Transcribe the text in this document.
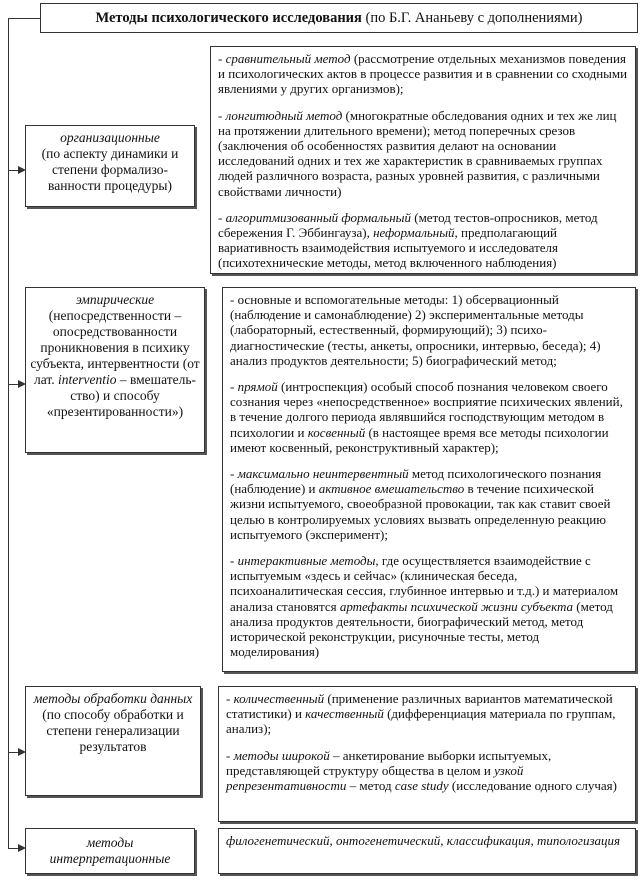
Методы психологического исследования (по Б.Г. Ананьеву с дополнениями)
организационные
(по аспекту динамики и степени формализо-ванности процедуры)

- сравнительный метод (рассмотрение отдельных механизмов поведения и психологических актов в процессе развития и в сравнении со сходными явлениями у других организмов);

- лонгитюдный метод (многократные обследования одних и тех же лиц на протяжении длительного времени); метод поперечных срезов (заключения об особенностях развития делают на основании исследований одних и тех же характеристик в сравниваемых группах людей различного возраста, разных уровней развития, с различными свойствами личности)

- алгоритмизованный формальный (метод тестов-опросников, метод сбережения Г. Эббингауза), неформальный, предполагающий вариативность взаимодействия испытуемого и исследователя (психотехнические методы, метод включенного наблюдения)

эмпирические
(непосредственности – опосредствованности проникновения в психику субъекта, интервентности (от лат. interventio – вмешатель-ство) и способу «презентированности»)

- основные и вспомогательные методы: 1) обсервационный (наблюдение и самонаблюдение) 2) экспериментальные методы (лабораторный, естественный, формирующий); 3) психо-диагностические (тесты, анкеты, опросники, интервью, беседа); 4) анализ продуктов деятельности; 5) биографический метод;

- прямой (интроспекция) особый способ познания человеком своего сознания через «непосредственное» восприятие психических явлений, в течение долгого периода являвшийся господствующим методом в психологии и косвенный (в настоящее время все методы психологии имеют косвенный, реконструктивный характер);

- максимально неинтервентный метод психологического познания (наблюдение) и активное вмешательство в течение психической жизни испытуемого, своеобразной провокации, так как ставит своей целью в контролируемых условиях вызвать определенную реакцию испытуемого (эксперимент);

- интерактивные методы, где осуществляется взаимодействие с испытуемым «здесь и сейчас» (клиническая беседа, психоаналитическая сессия, глубинное интервью и т.д.) и материалом анализа становятся артефакты психической жизни субъекта (метод анализа продуктов деятельности, биографический метод, метод исторической реконструкции, рисуночные тесты, метод моделирования)

методы обработки данных
(по способу обработки и степени генерализации результатов

- количественный (применение различных вариантов математической статистики) и качественный (дифференциация материала по группам, анализ);

- методы широкой – анкетирование выборки испытуемых, представляющей структуру общества в целом и узкой репрезентативности – метод case study (исследование одного случая)

методы интерпретационные
филогенетический, онтогенетический, классификация, типологизация
